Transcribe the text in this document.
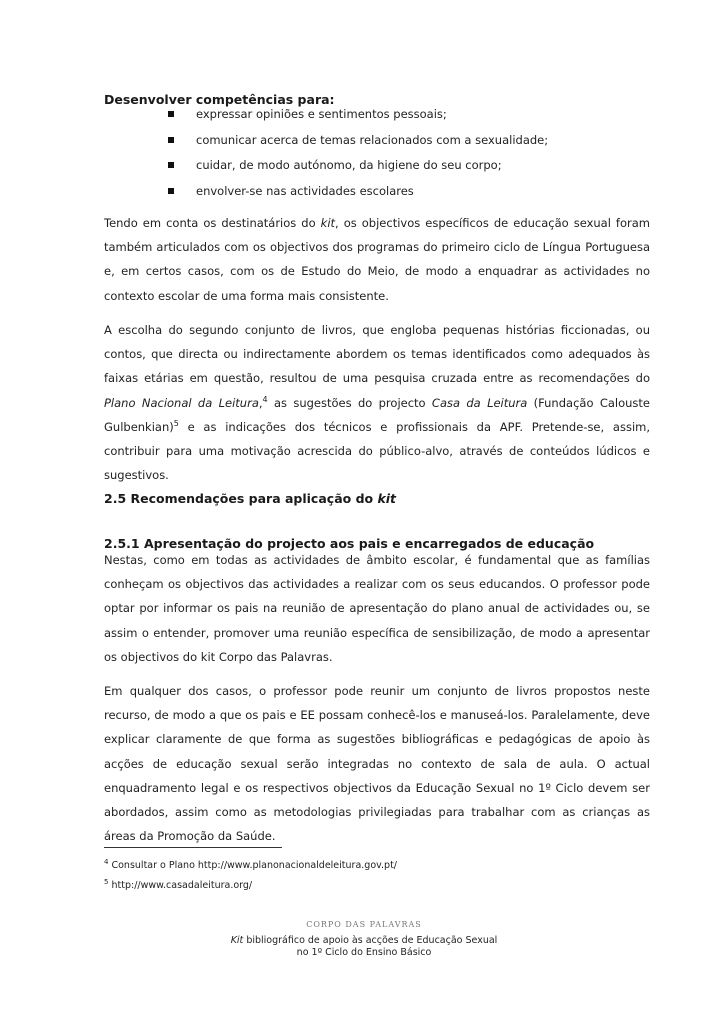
Desenvolver competências para:
expressar opiniões e sentimentos pessoais;
comunicar acerca de temas relacionados com a sexualidade;
cuidar, de modo autónomo, da higiene do seu corpo;
envolver-se nas actividades escolares

Tendo em conta os destinatários do kit, os objectivos específicos de educação sexual foram também articulados com os objectivos dos programas do primeiro ciclo de Língua Portuguesa e, em certos casos, com os de Estudo do Meio, de modo a enquadrar as actividades no contexto escolar de uma forma mais consistente.

A escolha do segundo conjunto de livros, que engloba pequenas histórias ficcionadas, ou contos, que directa ou indirectamente abordem os temas identificados como adequados às faixas etárias em questão, resultou de uma pesquisa cruzada entre as recomendações do Plano Nacional da Leitura,$^4$ as sugestões do projecto Casa da Leitura (Fundação Calouste Gulbenkian)$^5$ e as indicações dos técnicos e profissionais da APF. Pretende-se, assim, contribuir para uma motivação acrescida do público-alvo, através de conteúdos lúdicos e sugestivos.

2.5 Recomendações para aplicação do kit
2.5.1 Apresentação do projecto aos pais e encarregados de educação

Nestas, como em todas as actividades de âmbito escolar, é fundamental que as famílias conheçam os objectivos das actividades a realizar com os seus educandos. O professor pode optar por informar os pais na reunião de apresentação do plano anual de actividades ou, se assim o entender, promover uma reunião específica de sensibilização, de modo a apresentar os objectivos do kit Corpo das Palavras.

Em qualquer dos casos, o professor pode reunir um conjunto de livros propostos neste recurso, de modo a que os pais e EE possam conhecê-los e manuseá-los. Paralelamente, deve explicar claramente de que forma as sugestões bibliográficas e pedagógicas de apoio às acções de educação sexual serão integradas no contexto de sala de aula. O actual enquadramento legal e os respectivos objectivos da Educação Sexual no 1º Ciclo devem ser abordados, assim como as metodologias privilegiadas para trabalhar com as crianças as áreas da Promoção da Saúde.

$^4$ Consultar o Plano http://www.planonacionaldeleitura.gov.pt/
$^5$ http://www.casadaleitura.org/
CORPO DAS PALAVRAS
Kit bibliográfico de apoio às acções de Educação Sexual
no 1º Ciclo do Ensino Básico
